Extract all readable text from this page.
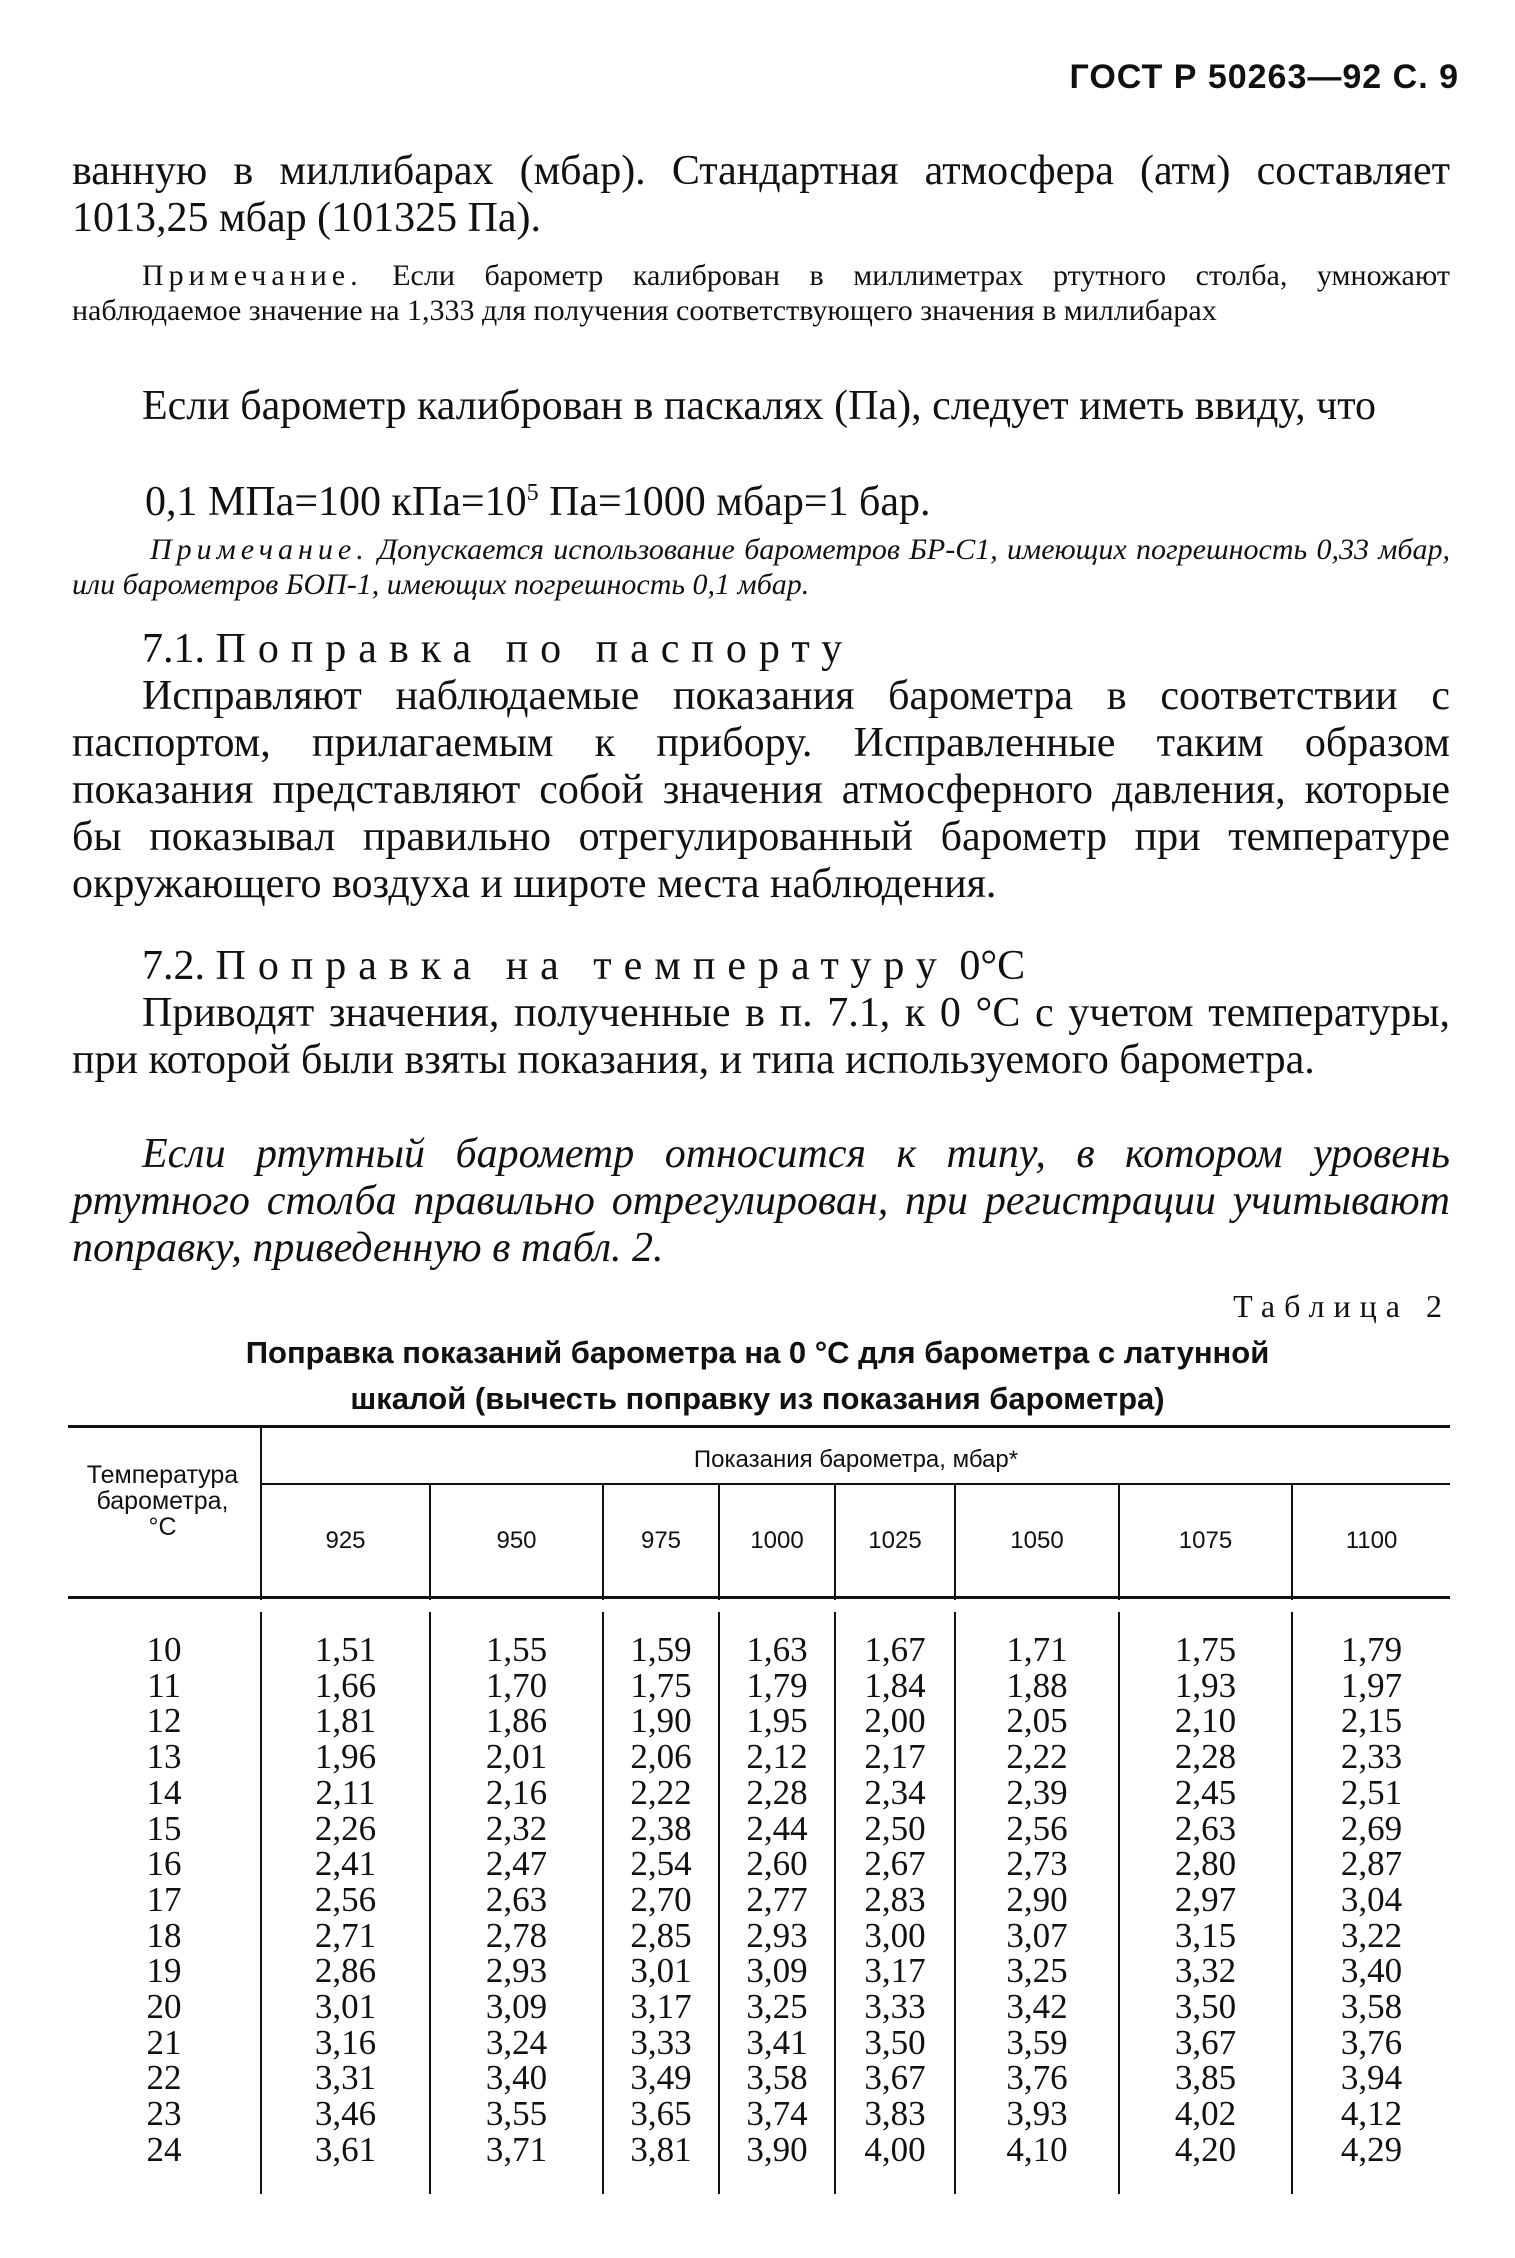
ГОСТ Р 50263—92 С. 9
ванную в миллибарах (мбар). Стандартная атмосфера (атм) составляет 1013,25 мбар (101325 Па).
Примечание. Если барометр калиброван в миллиметрах ртутного столба, умножают наблюдаемое значение на 1,333 для получения соответствующего значения в миллибарах
Если барометр калиброван в паскалях (Па), следует иметь ввиду, что
0,1 МПа=100 $кПа=10^5$ Па=1000 мбар=1 бар.
Примечание. Допускается использование барометров БР-С1, имеющих погрешность 0,33 мбар, или барометров БОП-1, имеющих погрешность 0,1 мбар.
7.1. Поправка по паспорту
Исправляют наблюдаемые показания барометра в соответствии с паспортом, прилагаемым к прибору. Исправленные таким образом показания представляют собой значения атмосферного давления, которые бы показывал правильно отрегулированный барометр при температуре окружающего воздуха и широте места наблюдения.
7.2. Поправка на температуру 0°C
Приводят значения, полученные в п. 7.1, к 0 °С с учетом температуры, при которой были взяты показания, и типа используемого барометра.
Если ртутный барометр относится к типу, в котором уровень ртутного столба правильно отрегулирован, при регистрации учитывают поправку, приведенную в табл. 2.
Таблица 2
Поправка показаний барометра на 0 °С для барометра с латунной
шкалой (вычесть поправку из показания барометра)
Температура барометра, °С
Показания барометра, мбар*
925	950	975	1000	1025	1050	1075	1100
10	1,51	1,55	1,59	1,63	1,67	1,71	1,75	1,79
11	1,66	1,70	1,75	1,79	1,84	1,88	1,93	1,97
12	1,81	1,86	1,90	1,95	2,00	2,05	2,10	2,15
13	1,96	2,01	2,06	2,12	2,17	2,22	2,28	2,33
14	2,11	2,16	2,22	2,28	2,34	2,39	2,45	2,51
15	2,26	2,32	2,38	2,44	2,50	2,56	2,63	2,69
16	2,41	2,47	2,54	2,60	2,67	2,73	2,80	2,87
17	2,56	2,63	2,70	2,77	2,83	2,90	2,97	3,04
18	2,71	2,78	2,85	2,93	3,00	3,07	3,15	3,22
19	2,86	2,93	3,01	3,09	3,17	3,25	3,32	3,40
20	3,01	3,09	3,17	3,25	3,33	3,42	3,50	3,58
21	3,16	3,24	3,33	3,41	3,50	3,59	3,67	3,76
22	3,31	3,40	3,49	3,58	3,67	3,76	3,85	3,94
23	3,46	3,55	3,65	3,74	3,83	3,93	4,02	4,12
24	3,61	3,71	3,81	3,90	4,00	4,10	4,20	4,29
